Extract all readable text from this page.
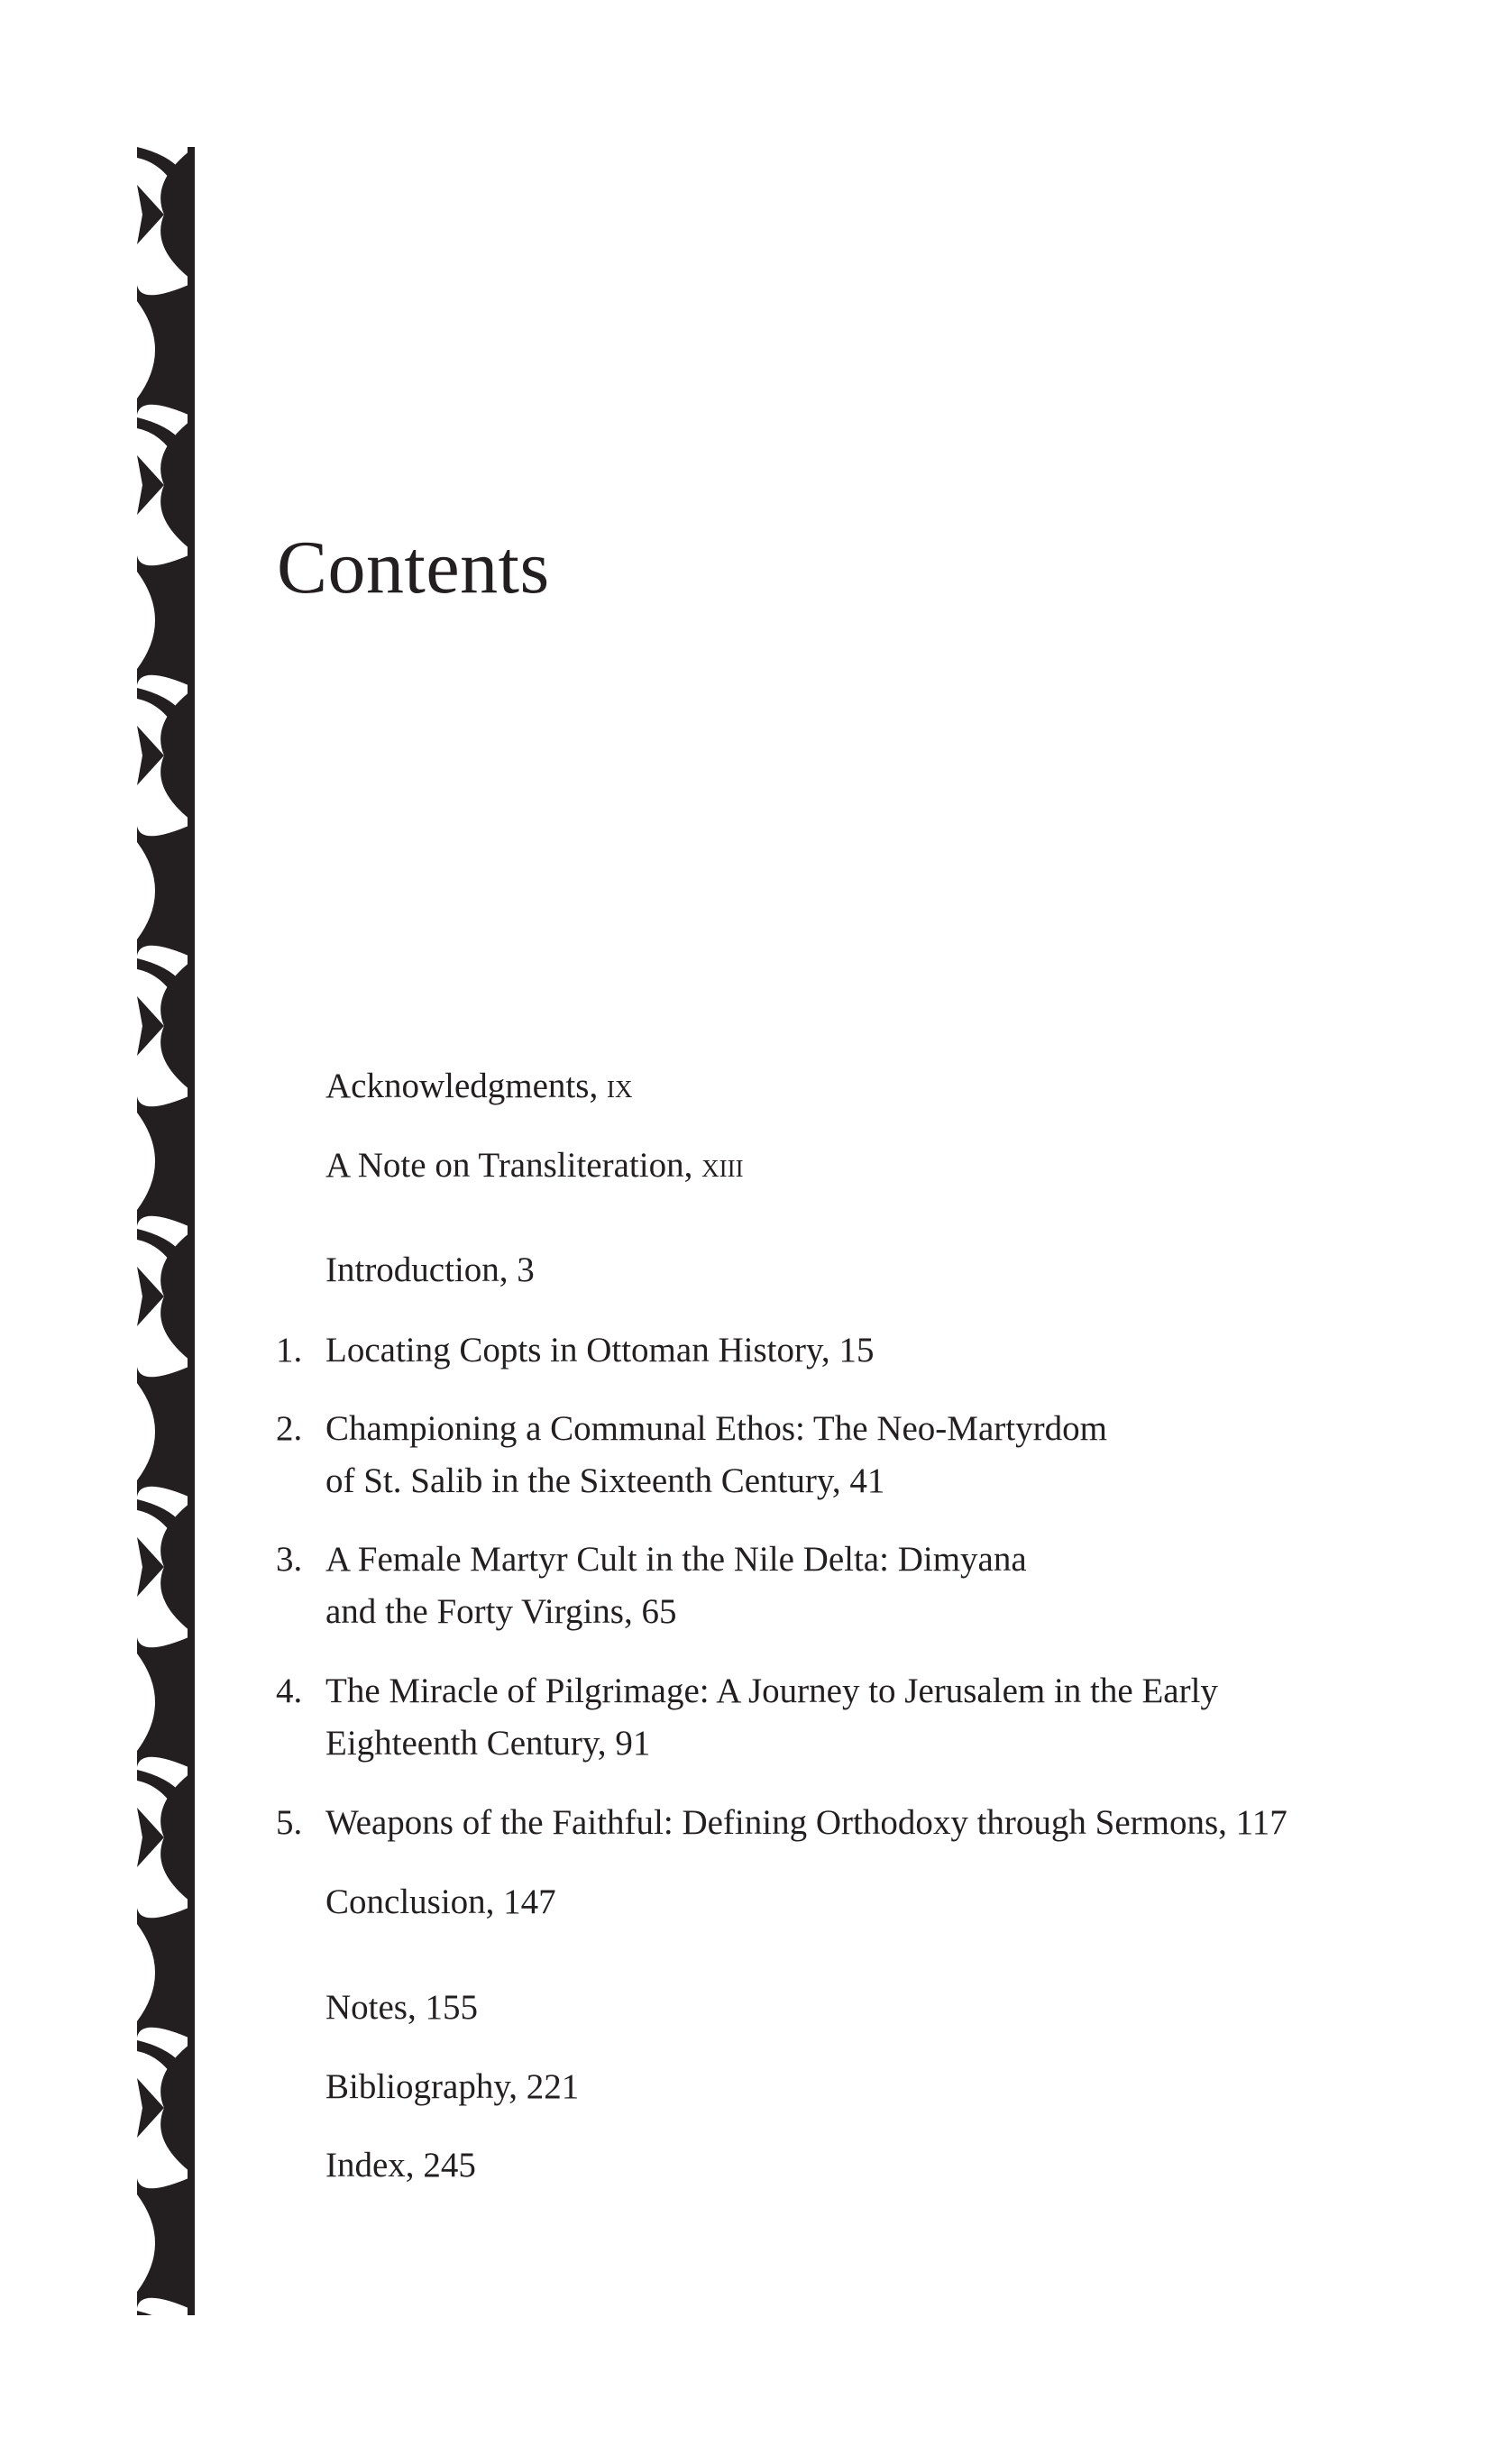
Contents
Acknowledgments, ix
A Note on Transliteration, xiii
Introduction, 3
1. Locating Copts in Ottoman History, 15
2. Championing a Communal Ethos: The Neo-Martyrdom
of St. Salib in the Sixteenth Century, 41
3. A Female Martyr Cult in the Nile Delta: Dimyana
and the Forty Virgins, 65
4. The Miracle of Pilgrimage: A Journey to Jerusalem in the Early
Eighteenth Century, 91
5. Weapons of the Faithful: Defining Orthodoxy through Sermons, 117
Conclusion, 147
Notes, 155
Bibliography, 221
Index, 245
